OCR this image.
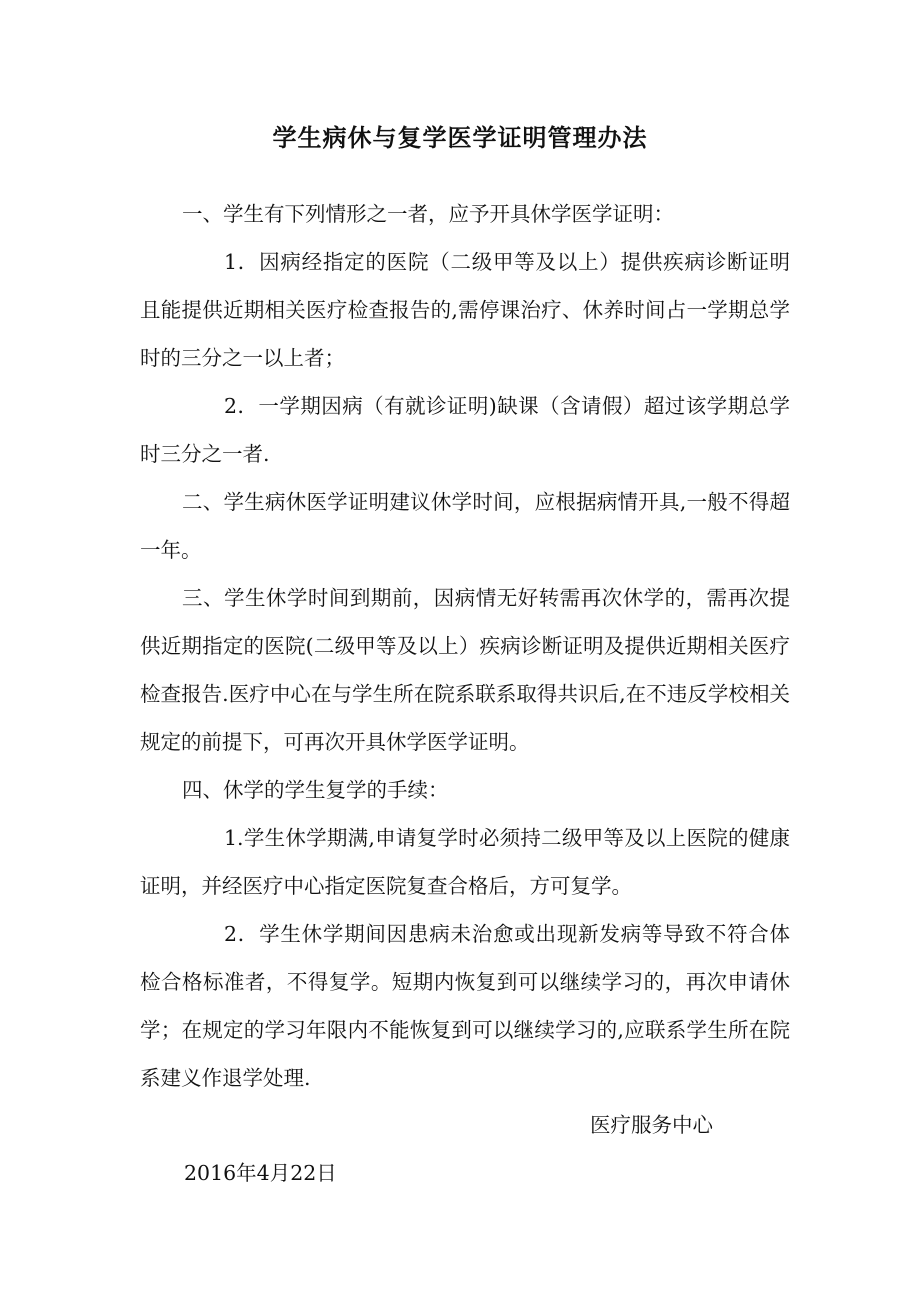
学生病休与复学医学证明管理办法

一、学生有下列情形之一者，应予开具休学医学证明：

1．因病经指定的医院（二级甲等及以上）提供疾病诊断证明且能提供近期相关医疗检查报告的,需停课治疗、休养时间占一学期总学时的三分之一以上者；

2．一学期因病（有就诊证明)缺课（含请假）超过该学期总学时三分之一者.

二、学生病休医学证明建议休学时间，应根据病情开具,一般不得超一年。

三、学生休学时间到期前，因病情无好转需再次休学的，需再次提供近期指定的医院(二级甲等及以上）疾病诊断证明及提供近期相关医疗检查报告.医疗中心在与学生所在院系联系取得共识后,在不违反学校相关规定的前提下，可再次开具休学医学证明。

四、休学的学生复学的手续：

1.学生休学期满,申请复学时必须持二级甲等及以上医院的健康证明，并经医疗中心指定医院复查合格后，方可复学。

2．学生休学期间因患病未治愈或出现新发病等导致不符合体检合格标准者，不得复学。短期内恢复到可以继续学习的，再次申请休学；在规定的学习年限内不能恢复到可以继续学习的,应联系学生所在院系建义作退学处理.

医疗服务中心
2016年4月22日
